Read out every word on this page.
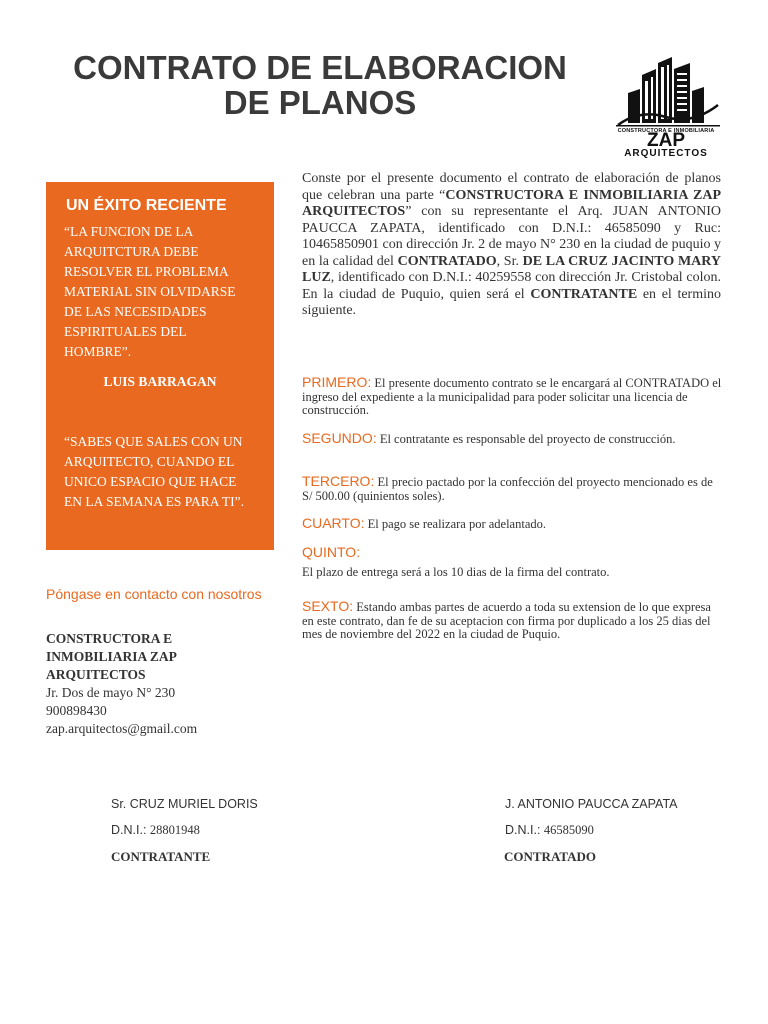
CONTRATO DE ELABORACION
DE PLANOS
CONSTRUCTORA E INMOBILIARIA
ZAP
ARQUITECTOS
UN ÉXITO RECIENTE

“LA FUNCION DE LA ARQUITCTURA DEBE RESOLVER EL PROBLEMA MATERIAL SIN OLVIDARSE DE LAS NECESIDADES ESPIRITUALES DEL HOMBRE”.

LUIS BARRAGAN

“SABES QUE SALES CON UN ARQUITECTO, CUANDO EL UNICO ESPACIO QUE HACE EN LA SEMANA ES PARA TI”.

Póngase en contacto con nosotros
CONSTRUCTORA E INMOBILIARIA ZAP ARQUITECTOS
Jr. Dos de mayo N° 230
900898430
zap.arquitectos@gmail.com
Conste por el presente documento el contrato de elaboración de planos que celebran una parte “CONSTRUCTORA E INMOBILIARIA ZAP ARQUITECTOS” con su representante el Arq. JUAN ANTONIO PAUCCA ZAPATA, identificado con D.N.I.: 46585090 y Ruc: 10465850901 con dirección Jr. 2 de mayo N° 230 en la ciudad de puquio y en la calidad del CONTRATADO, Sr. DE LA CRUZ JACINTO MARY LUZ, identificado con D.N.I.: 40259558 con dirección Jr. Cristobal colon. En la ciudad de Puquio, quien será el CONTRATANTE en el termino siguiente.
PRIMERO: El presente documento contrato se le encargará al CONTRATADO el ingreso del expediente a la municipalidad para poder solicitar una licencia de construcción.
SEGUNDO: El contratante es responsable del proyecto de construcción.
TERCERO: El precio pactado por la confección del proyecto mencionado es de S/ 500.00 (quinientos soles).
CUARTO: El pago se realizara por adelantado.
QUINTO:
El plazo de entrega será a los 10 dias de la firma del contrato.
SEXTO: Estando ambas partes de acuerdo a toda su extension de lo que expresa en este contrato, dan fe de su aceptacion con firma por duplicado a los 25 dias del mes de noviembre del 2022 en la ciudad de Puquio.
Sr. CRUZ MURIEL DORIS
D.N.I.: 28801948
CONTRATANTE
J. ANTONIO PAUCCA ZAPATA
D.N.I.: 46585090
CONTRATADO
